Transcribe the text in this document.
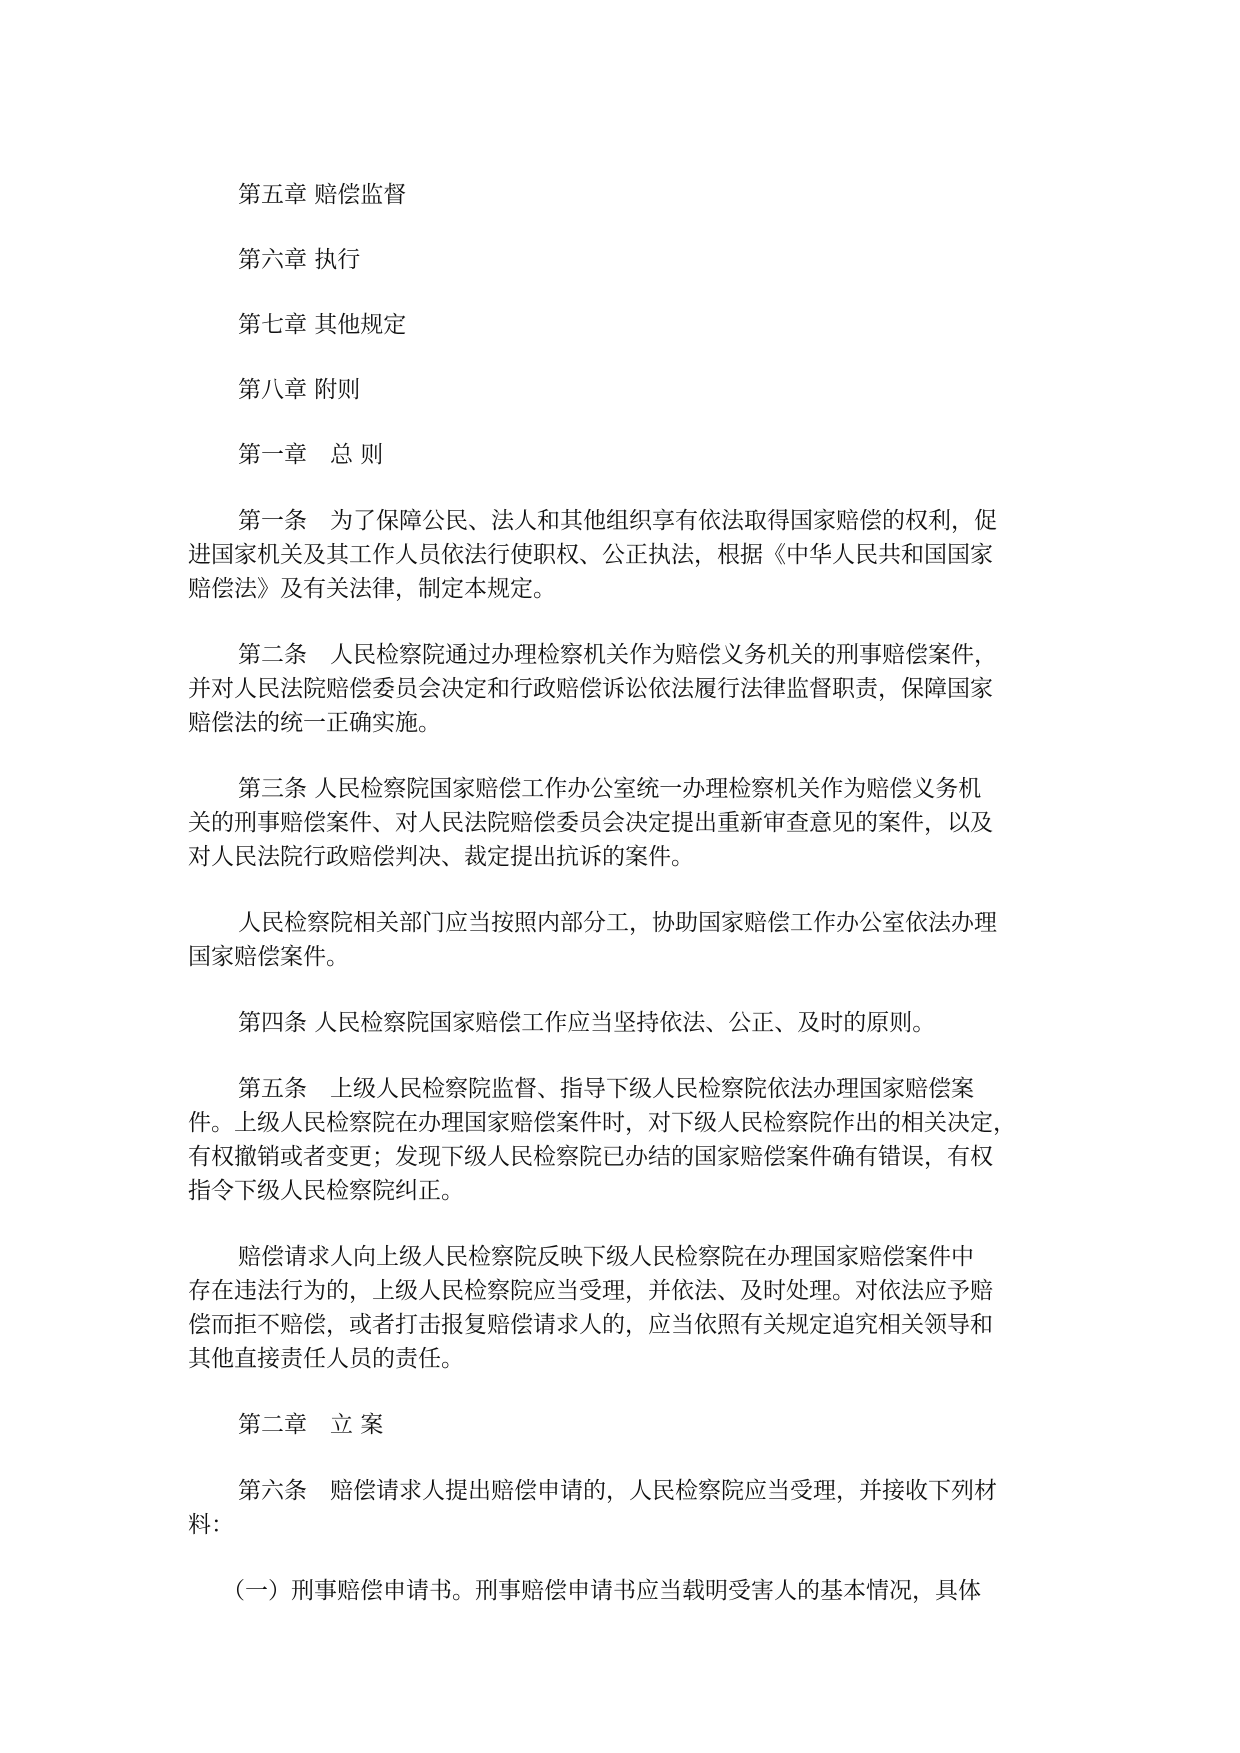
第五章 赔偿监督

第六章 执行

第七章 其他规定

第八章 附则

第一章　总 则

第一条　为了保障公民、法人和其他组织享有依法取得国家赔偿的权利，促

进国家机关及其工作人员依法行使职权、公正执法，根据《中华人民共和国国家

赔偿法》及有关法律，制定本规定。

第二条　人民检察院通过办理检察机关作为赔偿义务机关的刑事赔偿案件，

并对人民法院赔偿委员会决定和行政赔偿诉讼依法履行法律监督职责，保障国家

赔偿法的统一正确实施。

第三条 人民检察院国家赔偿工作办公室统一办理检察机关作为赔偿义务机

关的刑事赔偿案件、对人民法院赔偿委员会决定提出重新审查意见的案件，以及

对人民法院行政赔偿判决、裁定提出抗诉的案件。

人民检察院相关部门应当按照内部分工，协助国家赔偿工作办公室依法办理

国家赔偿案件。

第四条 人民检察院国家赔偿工作应当坚持依法、公正、及时的原则。

第五条　上级人民检察院监督、指导下级人民检察院依法办理国家赔偿案

件。上级人民检察院在办理国家赔偿案件时，对下级人民检察院作出的相关决定，

有权撤销或者变更；发现下级人民检察院已办结的国家赔偿案件确有错误，有权

指令下级人民检察院纠正。

赔偿请求人向上级人民检察院反映下级人民检察院在办理国家赔偿案件中

存在违法行为的，上级人民检察院应当受理，并依法、及时处理。对依法应予赔

偿而拒不赔偿，或者打击报复赔偿请求人的，应当依照有关规定追究相关领导和

其他直接责任人员的责任。

第二章　立 案

第六条　赔偿请求人提出赔偿申请的，人民检察院应当受理，并接收下列材

料：

（一）刑事赔偿申请书。刑事赔偿申请书应当载明受害人的基本情况，具体
